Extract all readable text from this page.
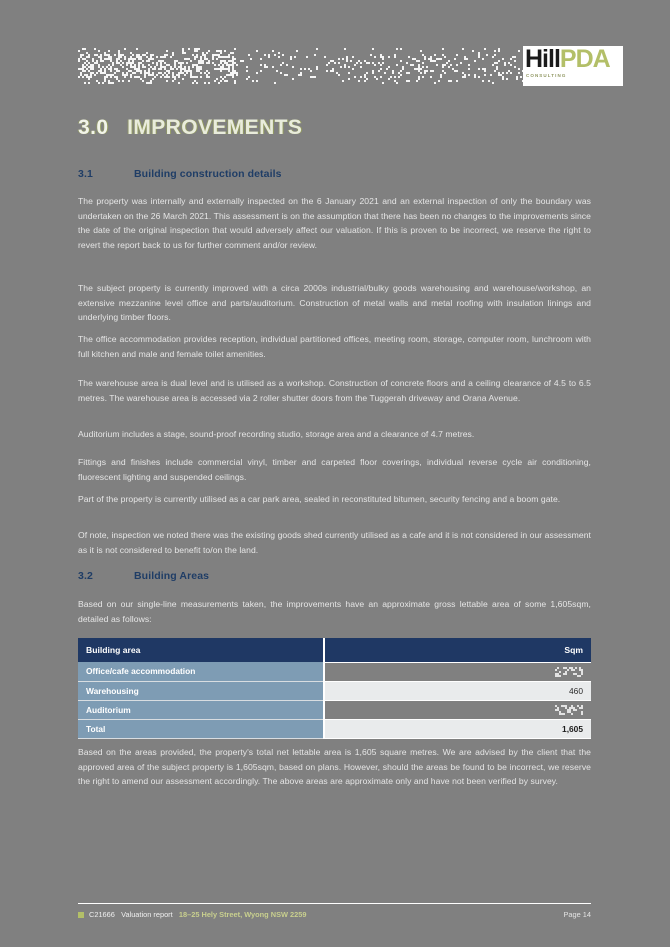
HillPDA
CONSULTING
3.0 IMPROVEMENTS
3.1	Building construction details
The property was internally and externally inspected on the 6 January 2021 and an external inspection of only the boundary was undertaken on the 26 March 2021. This assessment is on the assumption that there has been no changes to the improvements since the date of the original inspection that would adversely affect our valuation. If this is proven to be incorrect, we reserve the right to revert the report back to us for further comment and/or review.
The subject property is currently improved with a circa 2000s industrial/bulky goods warehousing and warehouse/workshop, an extensive mezzanine level office and parts/auditorium. Construction of metal walls and metal roofing with insulation linings and underlying timber floors.
The office accommodation provides reception, individual partitioned offices, meeting room, storage, computer room, lunchroom with full kitchen and male and female toilet amenities.
The warehouse area is dual level and is utilised as a workshop. Construction of concrete floors and a ceiling clearance of 4.5 to 6.5 metres. The warehouse area is accessed via 2 roller shutter doors from the Tuggerah driveway and Orana Avenue.
Auditorium includes a stage, sound-proof recording studio, storage area and a clearance of 4.7 metres.
Fittings and finishes include commercial vinyl, timber and carpeted floor coverings, individual reverse cycle air conditioning, fluorescent lighting and suspended ceilings.
Part of the property is currently utilised as a car park area, sealed in reconstituted bitumen, security fencing and a boom gate.
Of note, inspection we noted there was the existing goods shed currently utilised as a cafe and it is not considered in our assessment as it is not considered to benefit to/on the land.
3.2	Building Areas
Based on our single-line measurements taken, the improvements have an approximate gross lettable area of some 1,605sqm, detailed as follows:
Building area	Sqm
Office/cafe accommodation	

Warehousing	460
Auditorium	

Total	1,605
Based on the areas provided, the property's total net lettable area is 1,605 square metres. We are advised by the client that the approved area of the subject property is 1,605sqm, based on plans. However, should the areas be found to be incorrect, we reserve the right to amend our assessment accordingly. The above areas are approximate only and have not been verified by survey.
C21666 Valuation report 18–25 Hely Street, Wyong NSW 2259	Page 14
